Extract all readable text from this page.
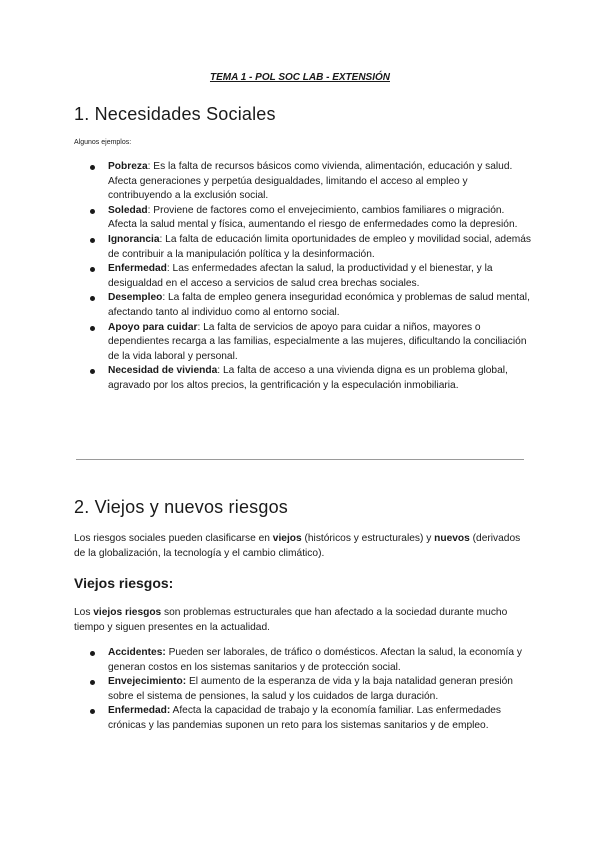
TEMA 1 - POL SOC LAB - EXTENSIÓN
1. Necesidades Sociales
Algunos ejemplos:
Pobreza: Es la falta de recursos básicos como vivienda, alimentación, educación y salud. Afecta generaciones y perpetúa desigualdades, limitando el acceso al empleo y contribuyendo a la exclusión social.
Soledad: Proviene de factores como el envejecimiento, cambios familiares o migración. Afecta la salud mental y física, aumentando el riesgo de enfermedades como la depresión.
Ignorancia: La falta de educación limita oportunidades de empleo y movilidad social, además de contribuir a la manipulación política y la desinformación.
Enfermedad: Las enfermedades afectan la salud, la productividad y el bienestar, y la desigualdad en el acceso a servicios de salud crea brechas sociales.
Desempleo: La falta de empleo genera inseguridad económica y problemas de salud mental, afectando tanto al individuo como al entorno social.
Apoyo para cuidar: La falta de servicios de apoyo para cuidar a niños, mayores o dependientes recarga a las familias, especialmente a las mujeres, dificultando la conciliación de la vida laboral y personal.
Necesidad de vivienda: La falta de acceso a una vivienda digna es un problema global, agravado por los altos precios, la gentrificación y la especulación inmobiliaria.
2. Viejos y nuevos riesgos

Los riesgos sociales pueden clasificarse en viejos (históricos y estructurales) y nuevos (derivados de la globalización, la tecnología y el cambio climático).

Viejos riesgos:

Los viejos riesgos son problemas estructurales que han afectado a la sociedad durante mucho tiempo y siguen presentes en la actualidad.

Accidentes: Pueden ser laborales, de tráfico o domésticos. Afectan la salud, la economía y generan costos en los sistemas sanitarios y de protección social.
Envejecimiento: El aumento de la esperanza de vida y la baja natalidad generan presión sobre el sistema de pensiones, la salud y los cuidados de larga duración.
Enfermedad: Afecta la capacidad de trabajo y la economía familiar. Las enfermedades crónicas y las pandemias suponen un reto para los sistemas sanitarios y de empleo.
